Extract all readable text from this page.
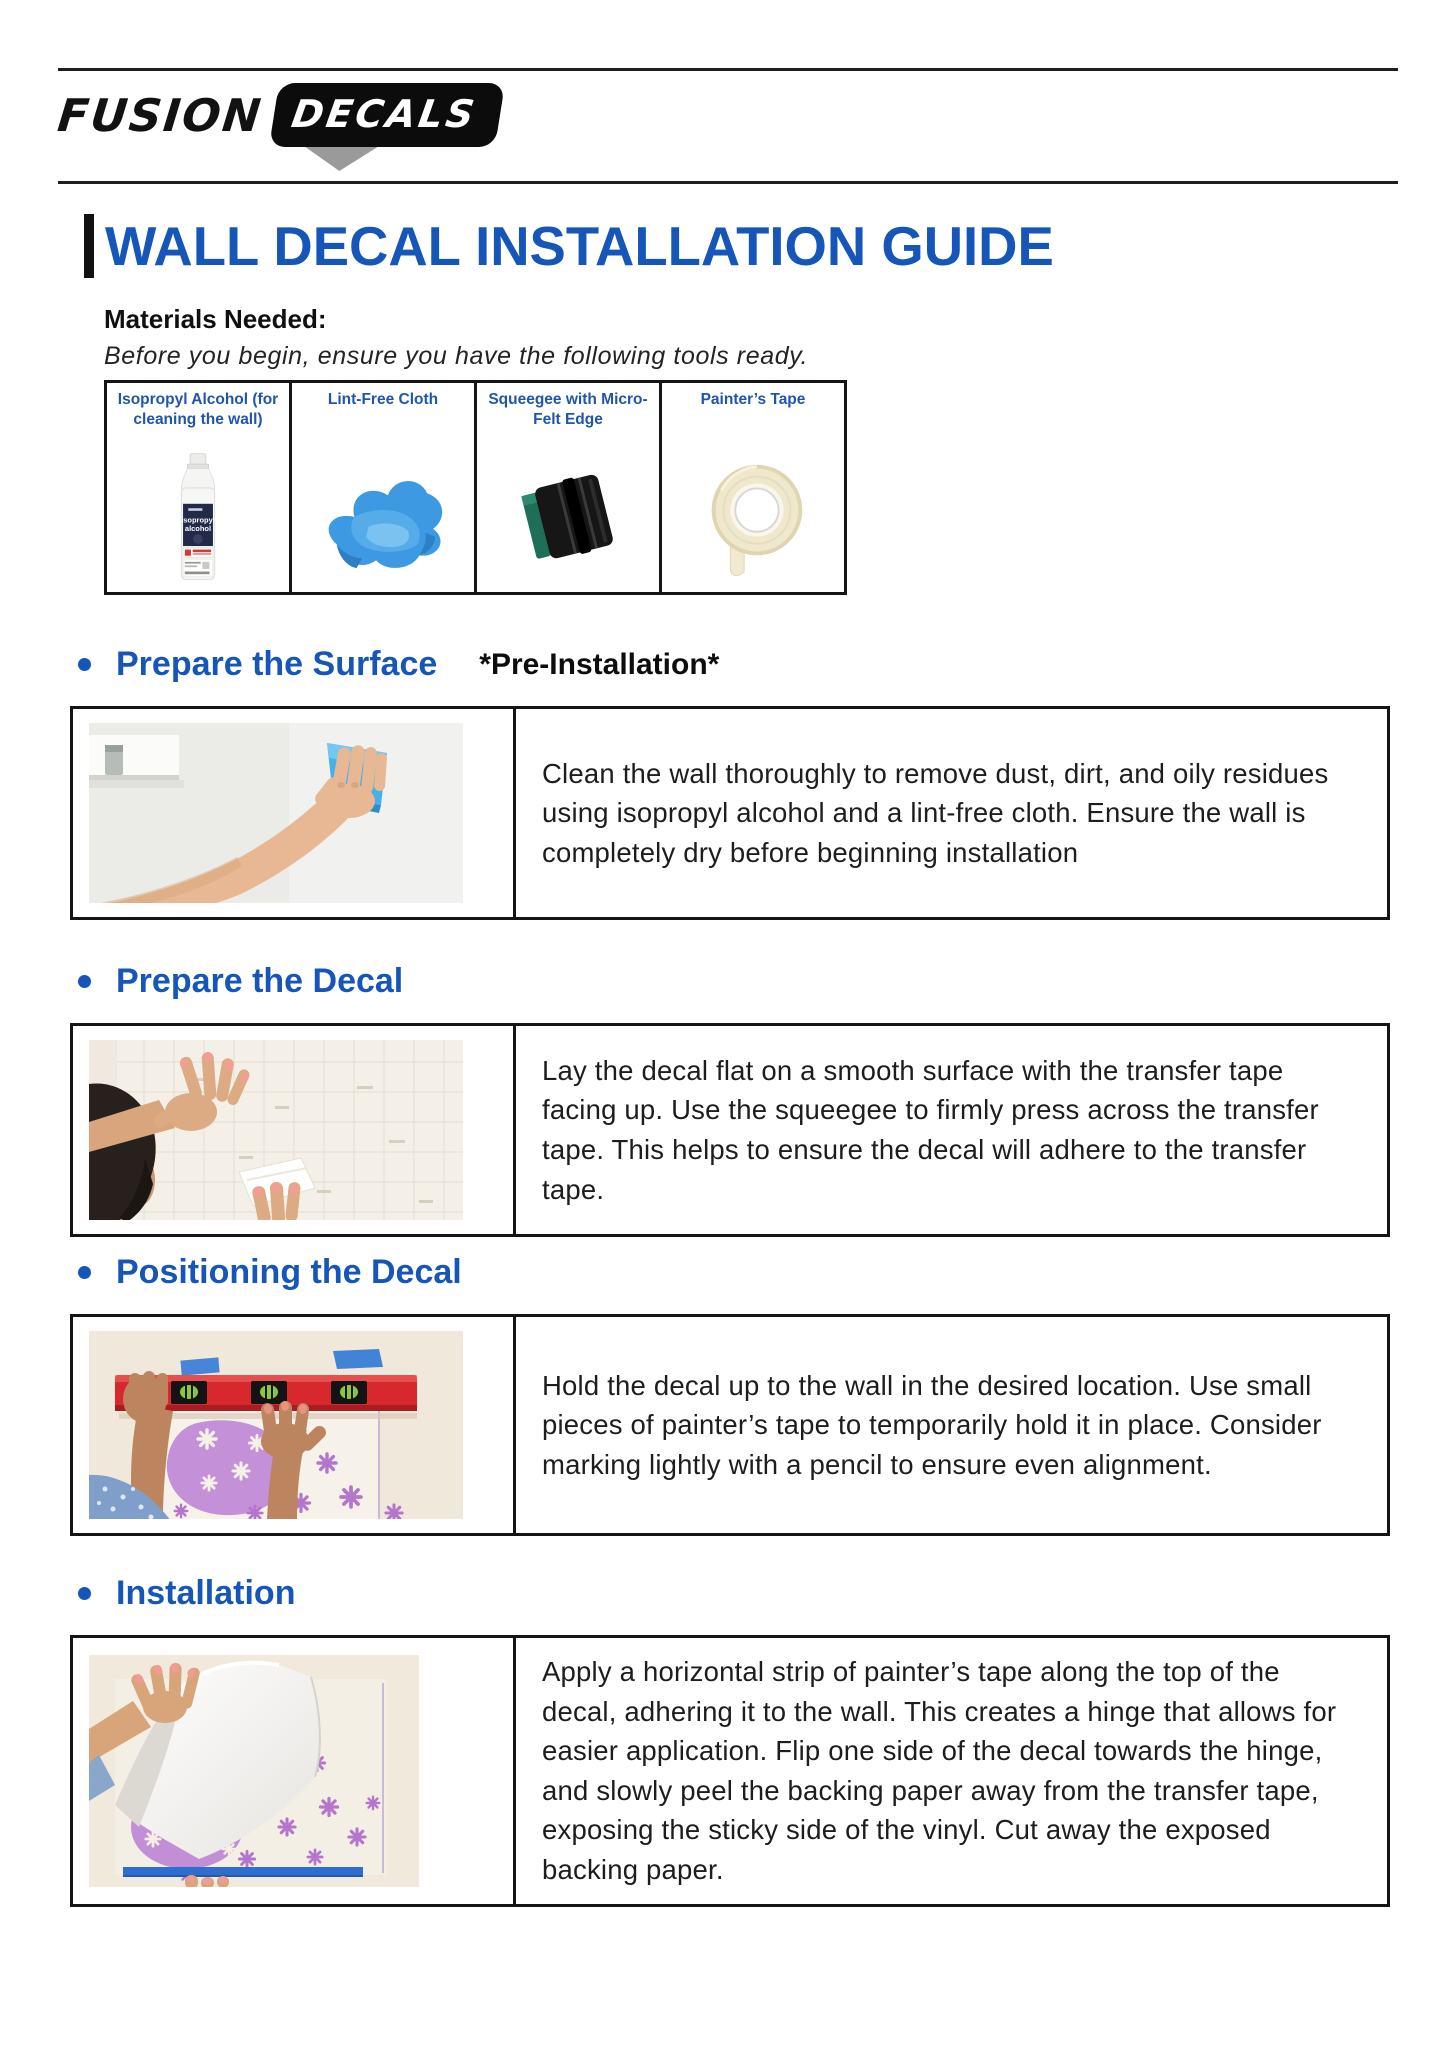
FUSION DECALS
WALL DECAL INSTALLATION GUIDE
Materials Needed:
Before you begin, ensure you have the following tools ready.
Isopropyl Alcohol (for cleaning the wall)
isopropyl
alcohol

Lint-Free Cloth	Squeegee with Micro-Felt Edge

Painter’s Tape
Prepare the Surface *Pre-Installation*

Clean the wall thoroughly to remove dust, dirt, and oily residues using isopropyl alcohol and a lint-free cloth. Ensure the wall is completely dry before beginning installation

Prepare the Decal

Lay the decal flat on a smooth surface with the transfer tape facing up. Use the squeegee to firmly press across the transfer tape. This helps to ensure the decal will adhere to the transfer tape.

Positioning the Decal

Hold the decal up to the wall in the desired location. Use small pieces of painter’s tape to temporarily hold it in place. Consider marking lightly with a pencil to ensure even alignment.

Installation

Apply a horizontal strip of painter’s tape along the top of the decal, adhering it to the wall. This creates a hinge that allows for easier application. Flip one side of the decal towards the hinge, and slowly peel the backing paper away from the transfer tape, exposing the sticky side of the vinyl. Cut away the exposed backing paper.
